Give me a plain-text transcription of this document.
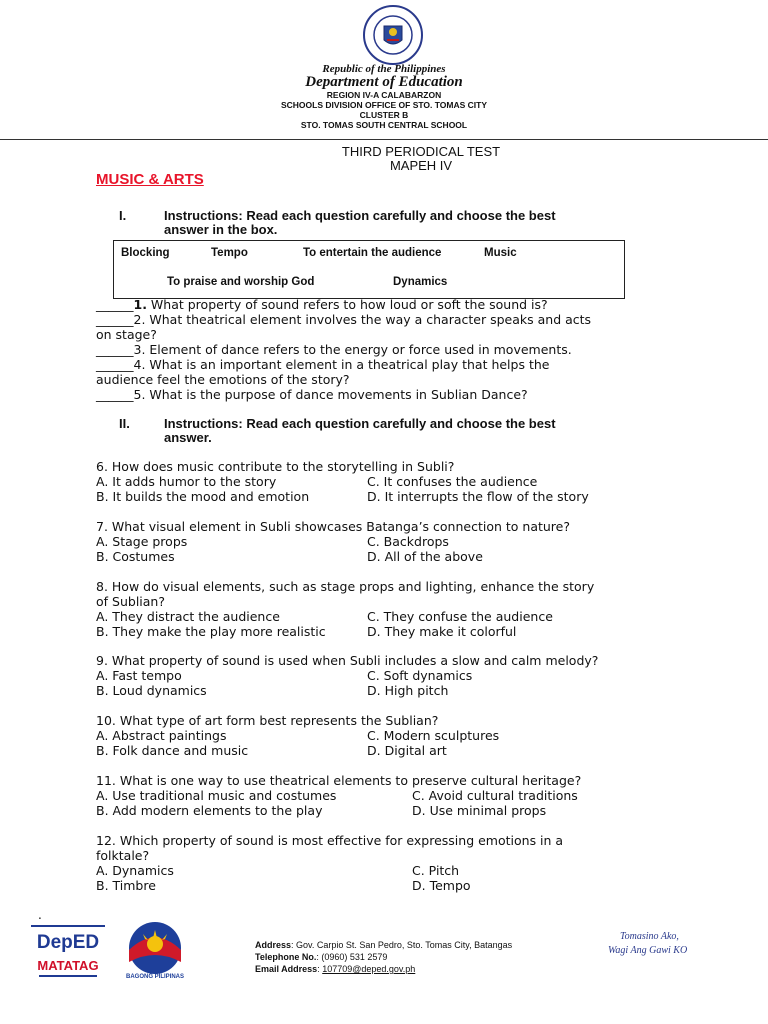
Republic of the Philippines
Department of Education
REGION IV-A CALABARZON
SCHOOLS DIVISION OFFICE OF STO. TOMAS CITY
CLUSTER B
STO. TOMAS SOUTH CENTRAL SCHOOL
THIRD PERIODICAL TEST
MAPEH IV
MUSIC & ARTS
I.	Instructions: Read each question carefully and choose the best
answer in the box.
Blocking	Tempo	To entertain the audience	Music
To praise and worship God	Dynamics
______1. What property of sound refers to how loud or soft the sound is?
______2. What theatrical element involves the way a character speaks and acts
on stage?
______3. Element of dance refers to the energy or force used in movements.
______4. What is an important element in a theatrical play that helps the
audience feel the emotions of the story?
______5. What is the purpose of dance movements in Sublian Dance?
II.	Instructions: Read each question carefully and choose the best
answer.
6. How does music contribute to the storytelling in Subli?
A. It adds humor to the story	C. It confuses the audience
B. It builds the mood and emotion	D. It interrupts the flow of the story
7. What visual element in Subli showcases Batanga’s connection to nature?
A. Stage props	C. Backdrops
B. Costumes	D. All of the above
8. How do visual elements, such as stage props and lighting, enhance the story
of Sublian?
A. They distract the audience	C. They confuse the audience
B. They make the play more realistic	D. They make it colorful
9. What property of sound is used when Subli includes a slow and calm melody?
A. Fast tempo	C. Soft dynamics
B. Loud dynamics	D. High pitch
10. What type of art form best represents the Sublian?
A. Abstract paintings	C. Modern sculptures
B. Folk dance and music	D. Digital art
11. What is one way to use theatrical elements to preserve cultural heritage?
A. Use traditional music and costumes	C. Avoid cultural traditions
B. Add modern elements to the play	D. Use minimal props
12. Which property of sound is most effective for expressing emotions in a
folktale?
A. Dynamics	C. Pitch
B. Timbre	D. Tempo
.
DepED
MATATAG
BAGONG PILIPINAS
Address: Gov. Carpio St. San Pedro, Sto. Tomas City, Batangas
Telephone No.: (0960) 531 2579
Email Address: 107709@deped.gov.ph
Tomasino Ako,
Wagi Ang Gawi KO
